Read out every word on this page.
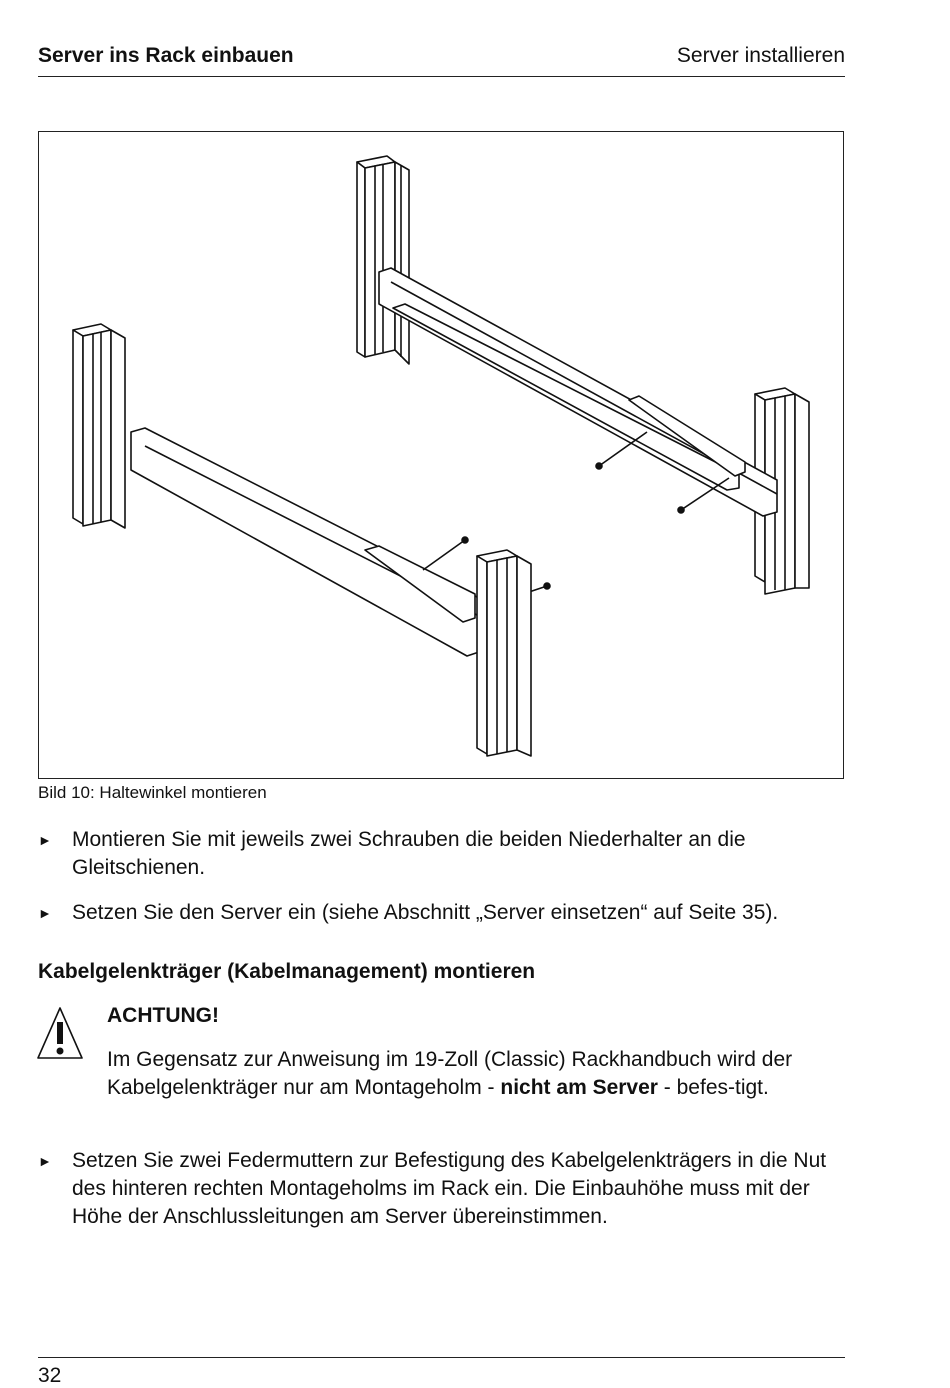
Server ins Rack einbauen	Server installieren
Bild 10: Haltewinkel montieren
► Montieren Sie mit jeweils zwei Schrauben die beiden Niederhalter an die Gleitschienen.
► Setzen Sie den Server ein (siehe Abschnitt „Server einsetzen“ auf Seite 35).
Kabelgelenkträger (Kabelmanagement) montieren
ACHTUNG!
Im Gegensatz zur Anweisung im 19-Zoll (Classic) Rackhandbuch wird der Kabelgelenkträger nur am Montageholm - nicht am Server - befes-tigt.
► Setzen Sie zwei Federmuttern zur Befestigung des Kabelgelenkträgers in die Nut des hinteren rechten Montageholms im Rack ein. Die Einbauhöhe muss mit der Höhe der Anschlussleitungen am Server übereinstimmen.
32
